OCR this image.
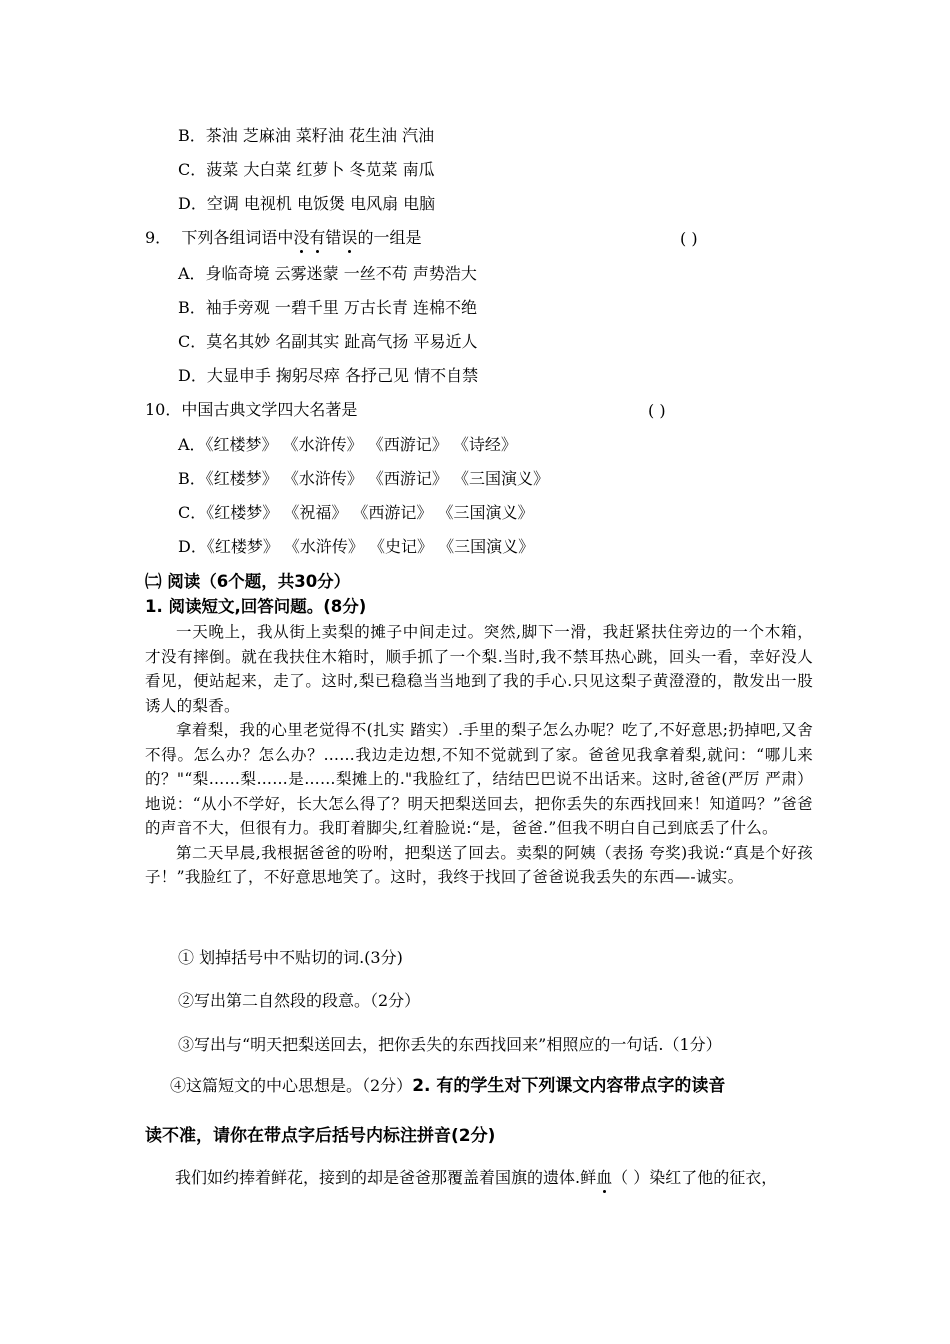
B．茶油 芝麻油 菜籽油 花生油 汽油
C．菠菜 大白菜 红萝卜 冬苋菜 南瓜
D．空调 电视机 电饭煲 电风扇 电脑
9． 下列各组词语中没有错误的一组是	( )
A．身临奇境 云雾迷蒙 一丝不苟 声势浩大
B．袖手旁观 一碧千里 万古长青 连棉不绝
C．莫名其妙 名副其实 趾高气扬 平易近人
D．大显申手 掬躬尽瘁 各抒己见 情不自禁
10．中国古典文学四大名著是	( )
A．《红楼梦》 《水浒传》 《西游记》 《诗经》
B．《红楼梦》 《水浒传》 《西游记》 《三国演义》
C．《红楼梦》 《祝福》 《西游记》 《三国演义》
D．《红楼梦》 《水浒传》 《史记》 《三国演义》
㈡ 阅读（6个题，共30分）
1. 阅读短文,回答问题。(8分)

一天晚上，我从街上卖梨的摊子中间走过。突然,脚下一滑，我赶紧扶住旁边的一个木箱，才没有摔倒。就在我扶住木箱时，顺手抓了一个梨.当时,我不禁耳热心跳，回头一看，幸好没人看见，便站起来，走了。这时,梨已稳稳当当地到了我的手心.只见这梨子黄澄澄的，散发出一股诱人的梨香。

拿着梨，我的心里老觉得不(扎实 踏实）.手里的梨子怎么办呢？吃了,不好意思;扔掉吧,又舍不得。怎么办？怎么办？……我边走边想,不知不觉就到了家。爸爸见我拿着梨,就问：“哪儿来的？"“梨……梨……是……梨摊上的."我脸红了，结结巴巴说不出话来。这时,爸爸(严厉 严肃）地说：“从小不学好，长大怎么得了？明天把梨送回去，把你丢失的东西找回来！知道吗？”爸爸的声音不大，但很有力。我盯着脚尖,红着脸说:“是，爸爸.”但我不明白自己到底丢了什么。

第二天早晨,我根据爸爸的吩咐，把梨送了回去。卖梨的阿姨（表扬 夸奖)我说:“真是个好孩子！”我脸红了，不好意思地笑了。这时，我终于找回了爸爸说我丢失的东西—-诚实。

① 划掉括号中不贴切的词.(3分)
②写出第二自然段的段意。（2分）
③写出与“明天把梨送回去，把你丢失的东西找回来”相照应的一句话.（1分）
④这篇短文的中心思想是。（2分）2. 有的学生对下列课文内容带点字的读音
读不准，请你在带点字后括号内标注拼音(2分)
我们如约捧着鲜花，接到的却是爸爸那覆盖着国旗的遗体.鲜血（ ）染红了他的征衣，
